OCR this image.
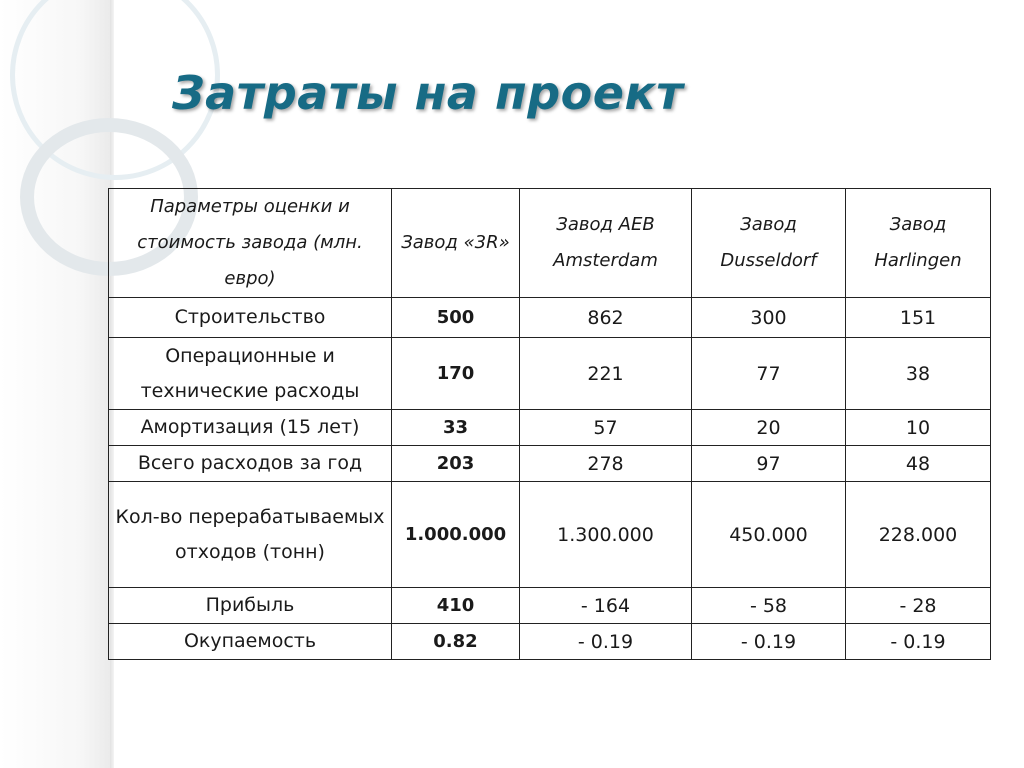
Затраты на проект
Параметры оценки и стоимость завода (млн. евро)	Завод «3R»	Завод AEB Amsterdam	Завод Dusseldorf	Завод Harlingen
Строительство	500	862	300	151
Операционные и технические расходы	170	221	77	38
Амортизация (15 лет)	33	57	20	10
Всего расходов за год	203	278	97	48
Кол-во перерабатываемых отходов (тонн)	1.000.000	1.300.000	450.000	228.000
Прибыль	410	- 164	- 58	- 28
Окупаемость	0.82	- 0.19	- 0.19	- 0.19
